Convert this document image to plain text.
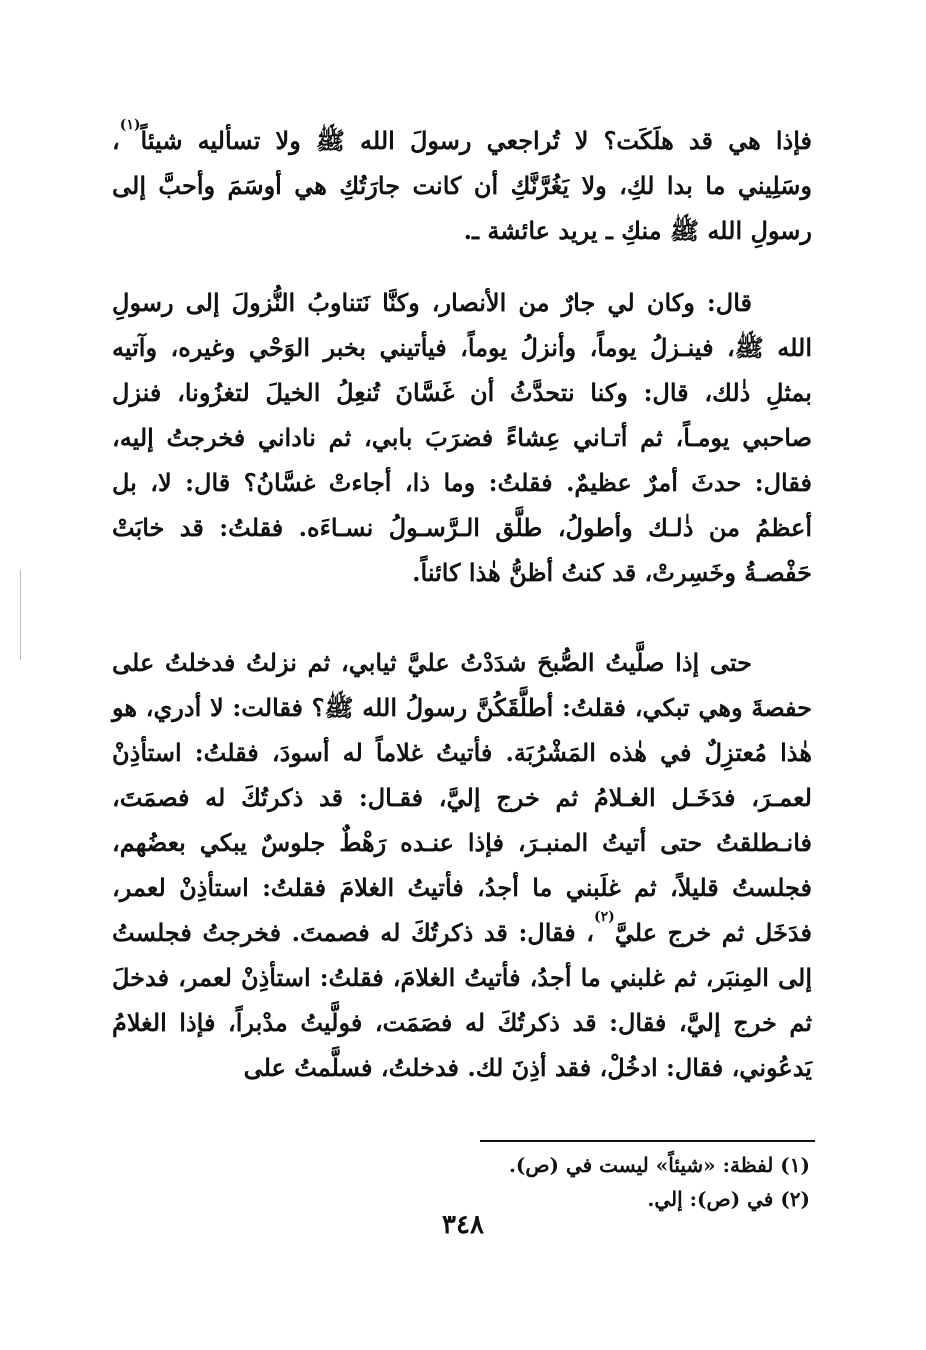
فإذا هي قد هلَكَت؟ لا تُراجعي رسولَ الله ﷺ ولا تسأليه شيئاً$^{(١)}$، وسَلِيني ما بدا لكِ، ولا يَغُرَّنَّكِ أن كانت جارَتُكِ هي أوسَمَ وأحبَّ إلى رسولِ الله ﷺ منكِ ـ يريد عائشة ـ.

قال: وكان لي جارٌ من الأنصار، وكنَّا نَتناوبُ النُّزولَ إلى رسولِ الله ﷺ، فينـزلُ يوماً، وأنزلُ يوماً، فيأتيني بخبر الوَحْي وغيره، وآتيه بمثلِ ذٰلك، قال: وكنا نتحدَّثُ أن غَسَّانَ تُنعِلُ الخيلَ لتغزُونا، فنزل صاحبي يومـاً، ثم أتـاني عِشاءً فضرَبَ بابي، ثم ناداني فخرجتُ إليه، فقال: حدثَ أمرٌ عظيمٌ. فقلتُ: وما ذا، أجاءتْ غسَّانُ؟ قال: لا، بل أعظمُ من ذٰلـك وأطولُ، طلَّق الـرَّسـولُ نسـاءَه. فقلتُ: قد خابَتْ حَفْصـةُ وخَسِرتْ، قد كنتُ أظنُّ هٰذا كائناً.

حتى إذا صلَّيتُ الصُّبحَ شدَدْتُ عليَّ ثيابي، ثم نزلتُ فدخلتُ على حفصةَ وهي تبكي، فقلتُ: أطلَّقَكُنَّ رسولُ الله ﷺ؟ فقالت: لا أدري، هو هٰذا مُعتزِلٌ في هٰذه المَشْرُبَة. فأتيتُ غلاماً له أسودَ، فقلتُ: استأذِنْ لعمـرَ، فدَخَـل الغـلامُ ثم خرج إليَّ، فقـال: قد ذكرتُكَ له فصمَتَ، فانـطلقتُ حتى أتيتُ المنبـرَ، فإذا عنـده رَهْطٌ جلوسٌ يبكي بعضُهم، فجلستُ قليلاً، ثم غلَبني ما أجدُ، فأتيتُ الغلامَ فقلتُ: استأذِنْ لعمر، فدَخَل ثم خرج عليَّ$^{(٢)}$، فقال: قد ذكرتُكَ له فصمتَ. فخرجتُ فجلستُ إلى المِنبَر، ثم غلبني ما أجدُ، فأتيتُ الغلامَ، فقلتُ: استأذِنْ لعمر، فدخلَ ثم خرج إليَّ، فقال: قد ذكرتُكَ له فصَمَت، فولَّيتُ مدْبراً، فإذا الغلامُ يَدعُوني، فقال: ادخُلْ، فقد أذِنَ لك. فدخلتُ، فسلَّمتُ على

(١) لفظة: «شيئاً» ليست في (ص).

(٢) في (ص): إلي.

٣٤٨
